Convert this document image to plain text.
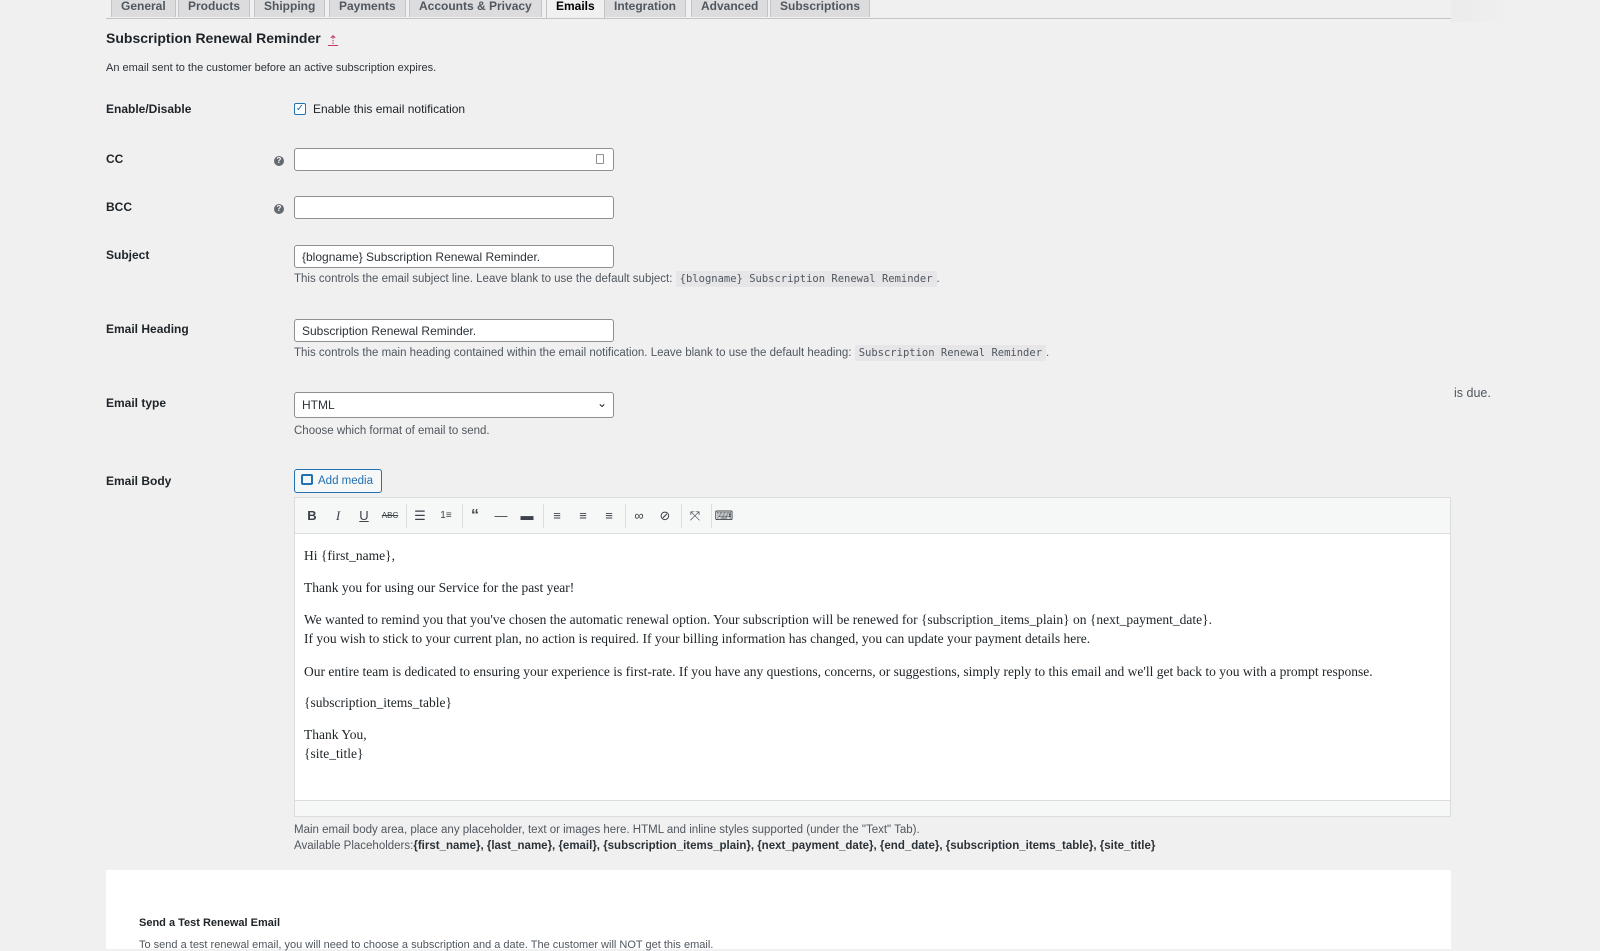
General	Products	Shipping	Payments	Accounts & Privacy	Emails	Integration	Advanced	Subscriptions
Subscription Renewal Reminder ⇡
An email sent to the customer before an active subscription expires.
Enable/Disable	✓ Enable this email notification
CC	?
BCC	?
Subject
{blogname} Subscription Renewal Reminder.
This controls the email subject line. Leave blank to use the default subject: {blogname} Subscription Renewal Reminder .
Email Heading
Subscription Renewal Reminder.
This controls the main heading contained within the email notification. Leave blank to use the default heading: Subscription Renewal Reminder .
Email type	HTML	⌄
Choose which format of email to send.
is due.
Email Body	Add media
B	I	U	ABC	☰	1≡	“	— ▬	≡	≡	≡	∞	⊘	⤧	⌨
Hi {first_name},
Thank you for using our Service for the past year!
We wanted to remind you that you've chosen the automatic renewal option. Your subscription will be renewed for {subscription_items_plain} on {next_payment_date}.
If you wish to stick to your current plan, no action is required. If your billing information has changed, you can update your payment details here.
Our entire team is dedicated to ensuring your experience is first-rate. If you have any questions, concerns, or suggestions, simply reply to this email and we'll get back to you with a prompt response.
{subscription_items_table}
Thank You,
{site_title}
Main email body area, place any placeholder, text or images here. HTML and inline styles supported (under the "Text" Tab).
Available Placeholders:{first_name}, {last_name}, {email}, {subscription_items_plain}, {next_payment_date}, {end_date}, {subscription_items_table}, {site_title}
Send a Test Renewal Email
To send a test renewal email, you will need to choose a subscription and a date. The customer will NOT get this email.
